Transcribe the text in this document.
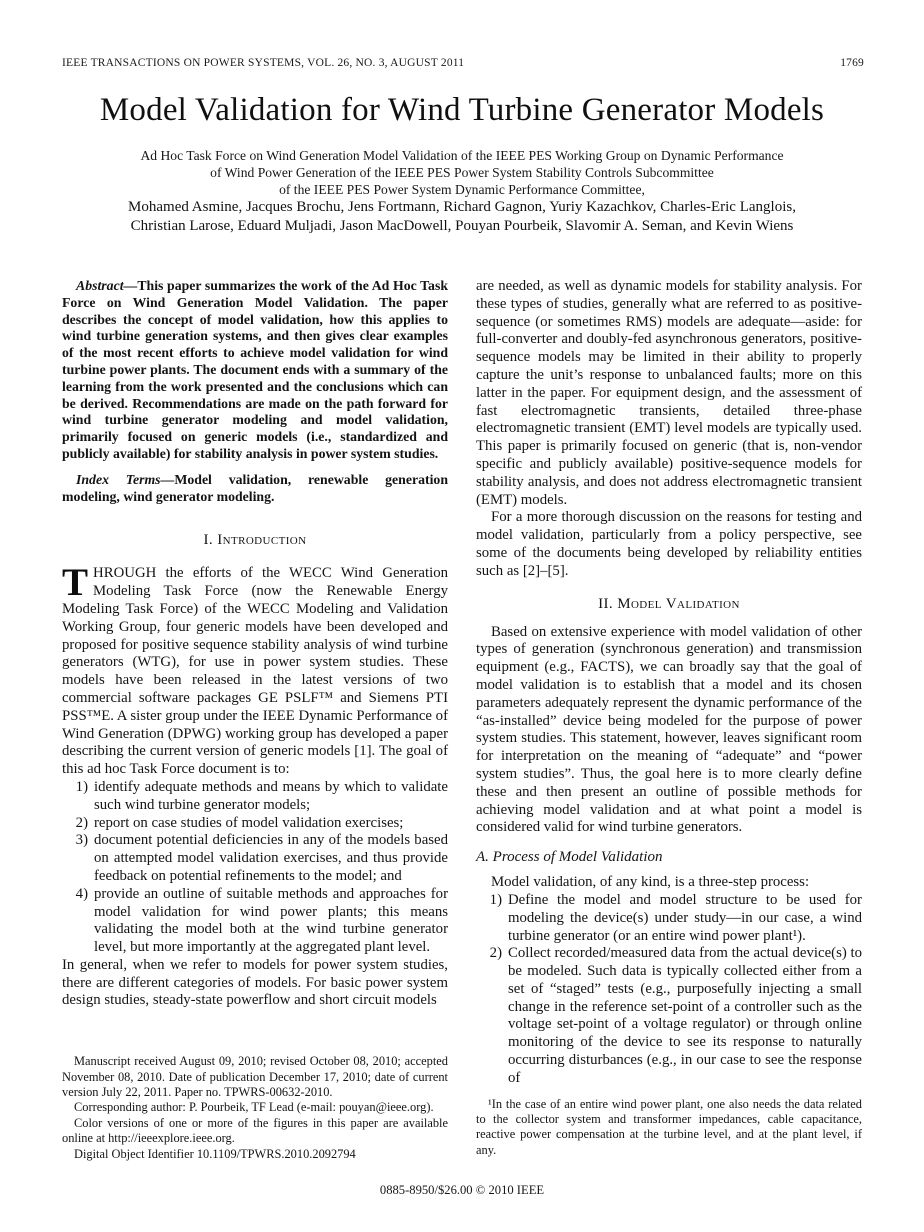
IEEE TRANSACTIONS ON POWER SYSTEMS, VOL. 26, NO. 3, AUGUST 2011	1769
Model Validation for Wind Turbine Generator Models
Ad Hoc Task Force on Wind Generation Model Validation of the IEEE PES Working Group on Dynamic Performance
of Wind Power Generation of the IEEE PES Power System Stability Controls Subcommittee
of the IEEE PES Power System Dynamic Performance Committee,
Mohamed Asmine, Jacques Brochu, Jens Fortmann, Richard Gagnon, Yuriy Kazachkov, Charles-Eric Langlois,
Christian Larose, Eduard Muljadi, Jason MacDowell, Pouyan Pourbeik, Slavomir A. Seman, and Kevin Wiens

Abstract—This paper summarizes the work of the Ad Hoc Task Force on Wind Generation Model Validation. The paper describes the concept of model validation, how this applies to wind turbine generation systems, and then gives clear examples of the most recent efforts to achieve model validation for wind turbine power plants. The document ends with a summary of the learning from the work presented and the conclusions which can be derived. Recommendations are made on the path forward for wind turbine generator modeling and model validation, primarily focused on generic models (i.e., standardized and publicly available) for stability analysis in power system studies.

Index Terms—Model validation, renewable generation modeling, wind generator modeling.

I. Introduction

THROUGH the efforts of the WECC Wind Generation Modeling Task Force (now the Renewable Energy Modeling Task Force) of the WECC Modeling and Validation Working Group, four generic models have been developed and proposed for positive sequence stability analysis of wind turbine generators (WTG), for use in power system studies. These models have been released in the latest versions of two commercial software packages GE PSLF™ and Siemens PTI PSS™E. A sister group under the IEEE Dynamic Performance of Wind Generation (DPWG) working group has developed a paper describing the current version of generic models [1]. The goal of this ad hoc Task Force document is to:

1) identify adequate methods and means by which to validate such wind turbine generator models;
2) report on case studies of model validation exercises;
3) document potential deficiencies in any of the models based on attempted model validation exercises, and thus provide feedback on potential refinements to the model; and
4) provide an outline of suitable methods and approaches for model validation for wind power plants; this means validating the model both at the wind turbine generator level, but more importantly at the aggregated plant level.

In general, when we refer to models for power system studies, there are different categories of models. For basic power system design studies, steady-state powerflow and short circuit models

Manuscript received August 09, 2010; revised October 08, 2010; accepted November 08, 2010. Date of publication December 17, 2010; date of current version July 22, 2011. Paper no. TPWRS-00632-2010.

Corresponding author: P. Pourbeik, TF Lead (e-mail: pouyan@ieee.org).

Color versions of one or more of the figures in this paper are available online at http://ieeexplore.ieee.org.

Digital Object Identifier 10.1109/TPWRS.2010.2092794

are needed, as well as dynamic models for stability analysis. For these types of studies, generally what are referred to as positive-sequence (or sometimes RMS) models are adequate—aside: for full-converter and doubly-fed asynchronous generators, positive-sequence models may be limited in their ability to properly capture the unit’s response to unbalanced faults; more on this latter in the paper. For equipment design, and the assessment of fast electromagnetic transients, detailed three-phase electromagnetic transient (EMT) level models are typically used. This paper is primarily focused on generic (that is, non-vendor specific and publicly available) positive-sequence models for stability analysis, and does not address electromagnetic transient (EMT) models.

For a more thorough discussion on the reasons for testing and model validation, particularly from a policy perspective, see some of the documents being developed by reliability entities such as [2]–[5].

II. Model Validation

Based on extensive experience with model validation of other types of generation (synchronous generation) and transmission equipment (e.g., FACTS), we can broadly say that the goal of model validation is to establish that a model and its chosen parameters adequately represent the dynamic performance of the “as-installed” device being modeled for the purpose of power system studies. This statement, however, leaves significant room for interpretation on the meaning of “adequate” and “power system studies”. Thus, the goal here is to more clearly define these and then present an outline of possible methods for achieving model validation and at what point a model is considered valid for wind turbine generators.

A. Process of Model Validation

Model validation, of any kind, is a three-step process:

1) Define the model and model structure to be used for modeling the device(s) under study—in our case, a wind turbine generator (or an entire wind power plant¹).
2) Collect recorded/measured data from the actual device(s) to be modeled. Such data is typically collected either from a set of “staged” tests (e.g., purposefully injecting a small change in the reference set-point of a controller such as the voltage set-point of a voltage regulator) or through online monitoring of the device to see its response to naturally occurring disturbances (e.g., in our case to see the response of

¹In the case of an entire wind power plant, one also needs the data related to the collector system and transformer impedances, cable capacitance, reactive power compensation at the turbine level, and at the plant level, if any.

0885-8950/$26.00 © 2010 IEEE
